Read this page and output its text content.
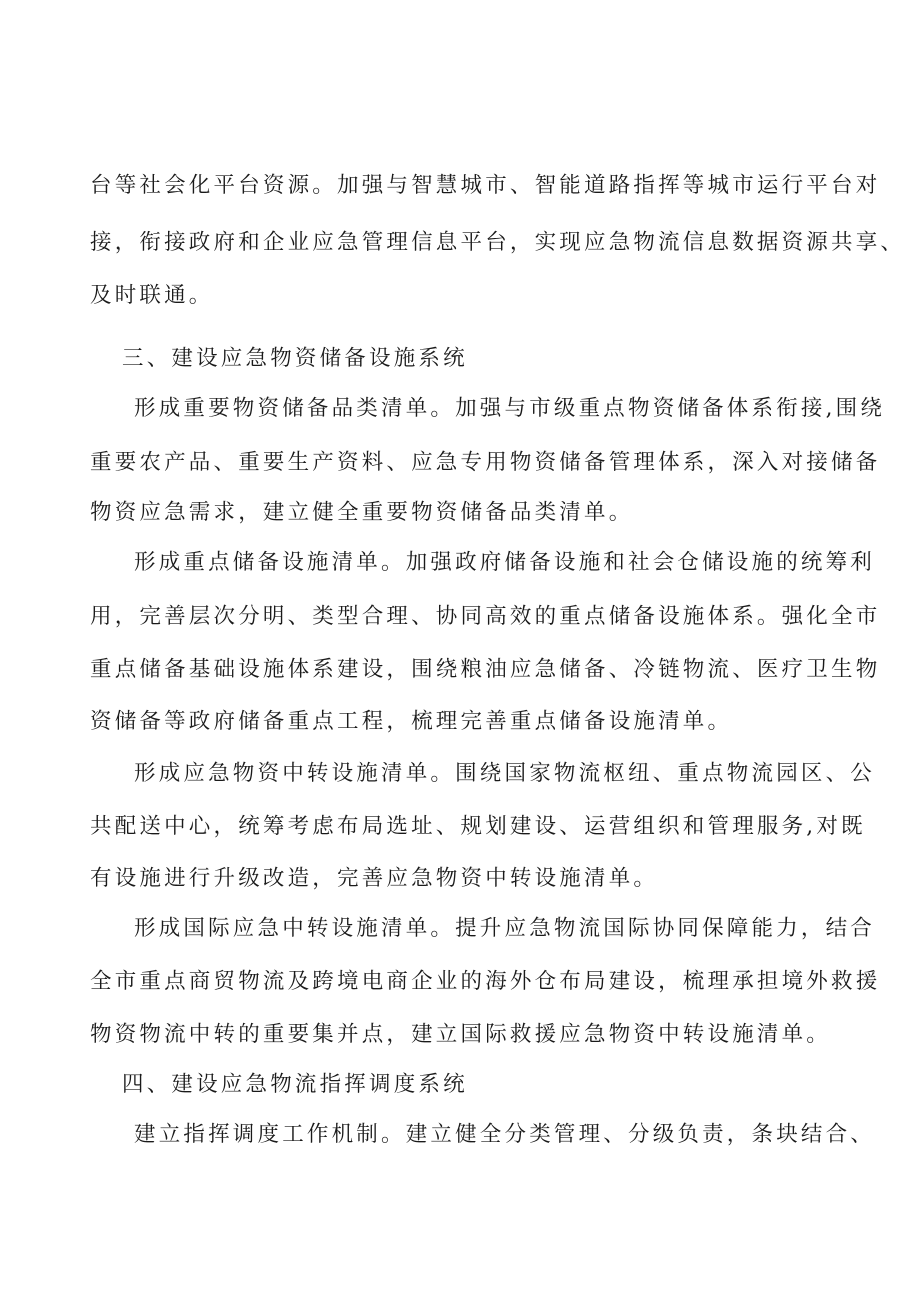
台等社会化平台资源。加强与智慧城市、智能道路指挥等城市运行平台对
接，衔接政府和企业应急管理信息平台，实现应急物流信息数据资源共享、
及时联通。
三、建设应急物资储备设施系统
形成重要物资储备品类清单。加强与市级重点物资储备体系衔接,围绕
重要农产品、重要生产资料、应急专用物资储备管理体系，深入对接储备
物资应急需求，建立健全重要物资储备品类清单。
形成重点储备设施清单。加强政府储备设施和社会仓储设施的统筹利
用，完善层次分明、类型合理、协同高效的重点储备设施体系。强化全市
重点储备基础设施体系建设，围绕粮油应急储备、冷链物流、医疗卫生物
资储备等政府储备重点工程，梳理完善重点储备设施清单。
形成应急物资中转设施清单。围绕国家物流枢纽、重点物流园区、公
共配送中心，统筹考虑布局选址、规划建设、运营组织和管理服务,对既
有设施进行升级改造，完善应急物资中转设施清单。
形成国际应急中转设施清单。提升应急物流国际协同保障能力，结合
全市重点商贸物流及跨境电商企业的海外仓布局建设，梳理承担境外救援
物资物流中转的重要集并点，建立国际救援应急物资中转设施清单。
四、建设应急物流指挥调度系统
建立指挥调度工作机制。建立健全分类管理、分级负责，条块结合、
